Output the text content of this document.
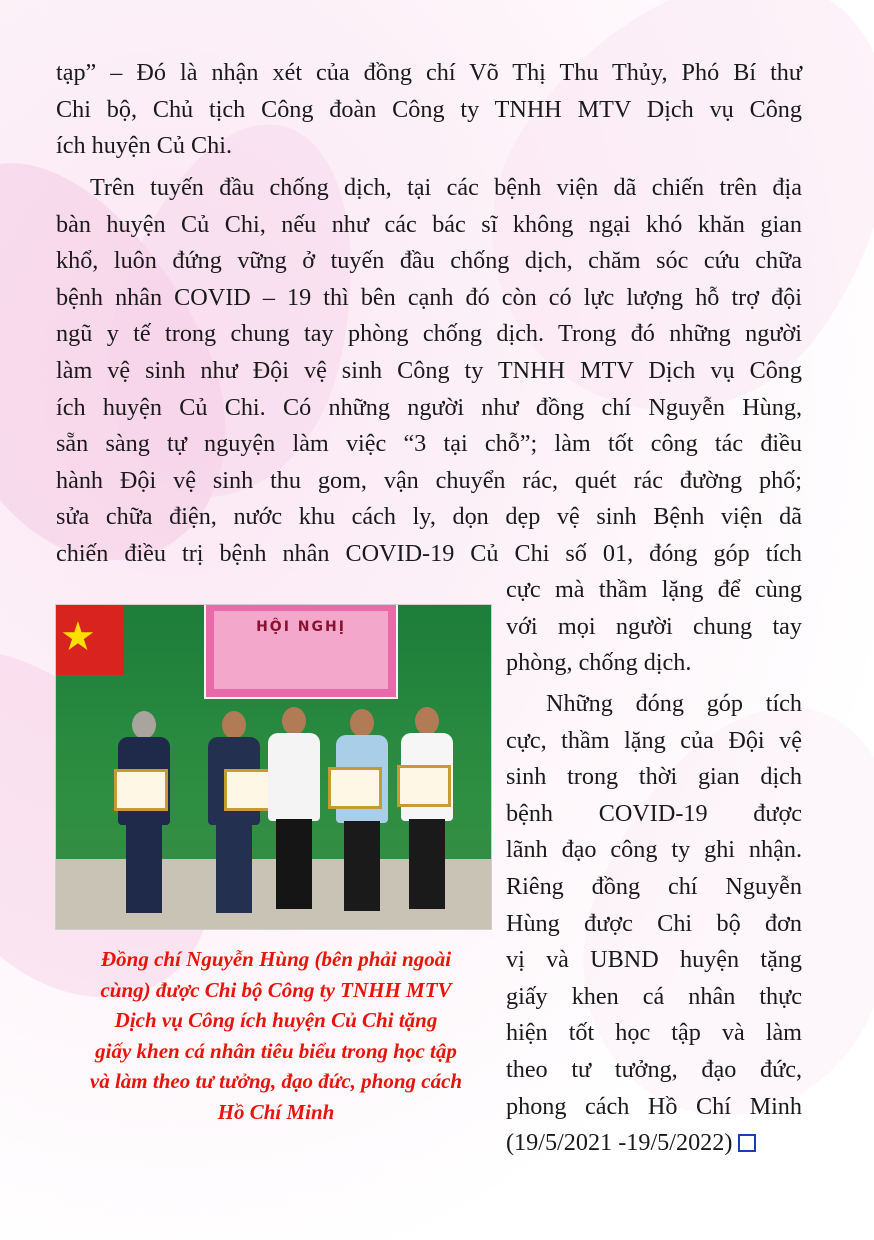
tạp” – Đó là nhận xét của đồng chí Võ Thị Thu Thủy, Phó Bí thư
Chi bộ, Chủ tịch Công đoàn Công ty TNHH MTV Dịch vụ Công
ích huyện Củ Chi.
Trên tuyến đầu chống dịch, tại các bệnh viện dã chiến trên địa
bàn huyện Củ Chi, nếu như các bác sĩ không ngại khó khăn gian
khổ, luôn đứng vững ở tuyến đầu chống dịch, chăm sóc cứu chữa
bệnh nhân COVID – 19 thì bên cạnh đó còn có lực lượng hỗ trợ đội
ngũ y tế trong chung tay phòng chống dịch. Trong đó những người
làm vệ sinh như Đội vệ sinh Công ty TNHH MTV Dịch vụ Công
ích huyện Củ Chi. Có những người như đồng chí Nguyễn Hùng,
sẵn sàng tự nguyện làm việc “3 tại chỗ”; làm tốt công tác điều
hành Đội vệ sinh thu gom, vận chuyển rác, quét rác đường phố;
sửa chữa điện, nước khu cách ly, dọn dẹp vệ sinh Bệnh viện dã
chiến điều trị bệnh nhân COVID-19 Củ Chi số 01, đóng góp tích
cực mà thầm lặng để cùng
với mọi người chung tay
phòng, chống dịch.
Những đóng góp tích
cực, thầm lặng của Đội vệ
sinh trong thời gian dịch
bệnh COVID-19 được
lãnh đạo công ty ghi nhận.
Riêng đồng chí Nguyễn
Hùng được Chi bộ đơn
vị và UBND huyện tặng
giấy khen cá nhân thực
hiện tốt học tập và làm
theo tư tưởng, đạo đức,
phong cách Hồ Chí Minh
(19/5/2021 -19/5/2022)
★	HỘI NGHỊ
Đồng chí Nguyễn Hùng (bên phải ngoài
cùng) được Chi bộ Công ty TNHH MTV
Dịch vụ Công ích huyện Củ Chi tặng
giấy khen cá nhân tiêu biểu trong học tập
và làm theo tư tưởng, đạo đức, phong cách
Hồ Chí Minh
